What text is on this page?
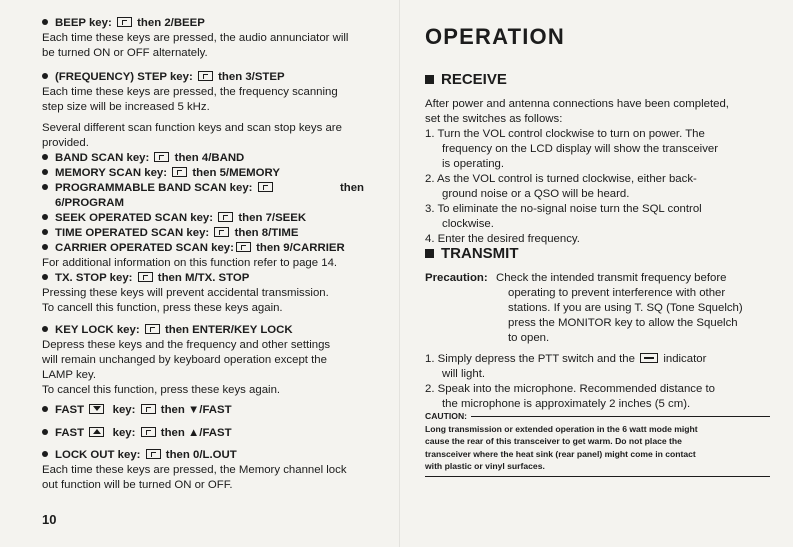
BEEP key: then 2/BEEP
Each time these keys are pressed, the audio annunciator will
be turned ON or OFF alternately.
(FREQUENCY) STEP key: then 3/STEP
Each time these keys are pressed, the frequency scanning
step size will be increased 5 kHz.
Several different scan function keys and scan stop keys are
provided.
BAND SCAN key: then 4/BAND
MEMORY SCAN key: then 5/MEMORY
PROGRAMMABLE BAND SCAN key:	then
6/PROGRAM
SEEK OPERATED SCAN key: then 7/SEEK
TIME OPERATED SCAN key: then 8/TIME
CARRIER OPERATED SCAN key: then 9/CARRIER
For additional information on this function refer to page 14.
TX. STOP key: then M/TX. STOP
Pressing these keys will prevent accidental transmission.
To cancell this function, press these keys again.
KEY LOCK key: then ENTER/KEY LOCK
Depress these keys and the frequency and other settings
will remain unchanged by keyboard operation except the
LAMP key.
To cancel this function, press these keys again.
FAST	key: then ▼/FAST
FAST	key: then ▲/FAST
LOCK OUT key: then 0/L.OUT
Each time these keys are pressed, the Memory channel lock
out function will be turned ON or OFF.
10
OPERATION
RECEIVE
After power and antenna connections have been completed,
set the switches as follows:
1. Turn the VOL control clockwise to turn on power. The
frequency on the LCD display will show the transceiver
is operating.
2. As the VOL control is turned clockwise, either back-
ground noise or a QSO will be heard.
3. To eliminate the no-signal noise turn the SQL control
clockwise.
4. Enter the desired frequency.
TRANSMIT
Precaution: Check the intended transmit frequency before
operating to prevent interference with other
stations. If you are using T. SQ (Tone Squelch)
press the MONITOR key to allow the Squelch
to open.
1. Simply depress the PTT switch and the indicator
will light.
2. Speak into the microphone. Recommended distance to
the microphone is approximately 2 inches (5 cm).
CAUTION:
Long transmission or extended operation in the 6 watt mode might
cause the rear of this transceiver to get warm. Do not place the
transceiver where the heat sink (rear panel) might come in contact
with plastic or vinyl surfaces.
